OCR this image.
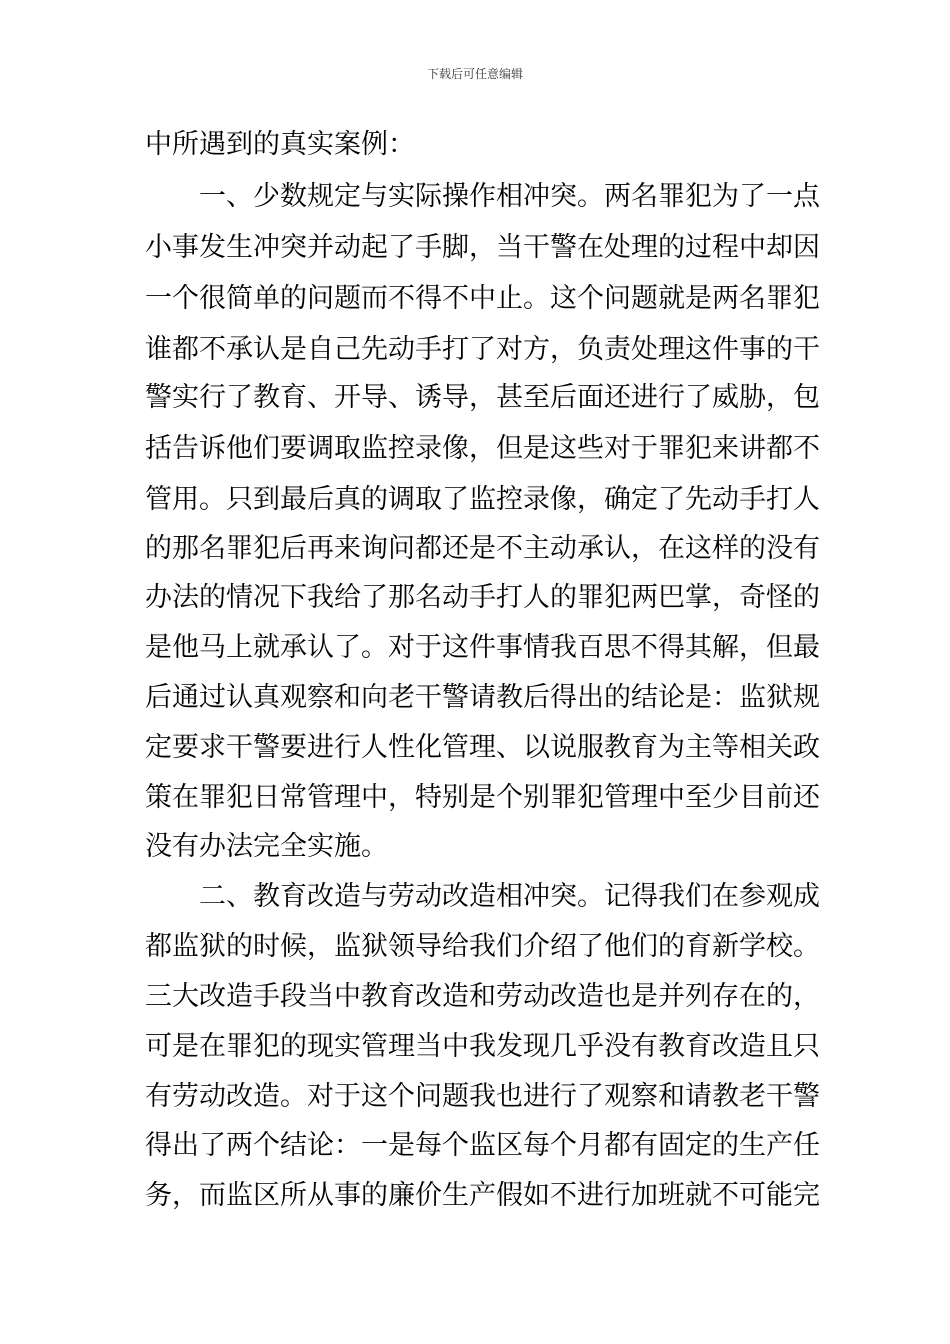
下载后可任意编辑
中所遇到的真实案例：
一、少数规定与实际操作相冲突。两名罪犯为了一点
小事发生冲突并动起了手脚，当干警在处理的过程中却因
一个很简单的问题而不得不中止。这个问题就是两名罪犯
谁都不承认是自己先动手打了对方，负责处理这件事的干
警实行了教育、开导、诱导，甚至后面还进行了威胁，包
括告诉他们要调取监控录像，但是这些对于罪犯来讲都不
管用。只到最后真的调取了监控录像，确定了先动手打人
的那名罪犯后再来询问都还是不主动承认，在这样的没有
办法的情况下我给了那名动手打人的罪犯两巴掌，奇怪的
是他马上就承认了。对于这件事情我百思不得其解，但最
后通过认真观察和向老干警请教后得出的结论是：监狱规
定要求干警要进行人性化管理、以说服教育为主等相关政
策在罪犯日常管理中，特别是个别罪犯管理中至少目前还
没有办法完全实施。
二、教育改造与劳动改造相冲突。记得我们在参观成
都监狱的时候，监狱领导给我们介绍了他们的育新学校。
三大改造手段当中教育改造和劳动改造也是并列存在的，
可是在罪犯的现实管理当中我发现几乎没有教育改造且只
有劳动改造。对于这个问题我也进行了观察和请教老干警
得出了两个结论：一是每个监区每个月都有固定的生产任
务，而监区所从事的廉价生产假如不进行加班就不可能完
